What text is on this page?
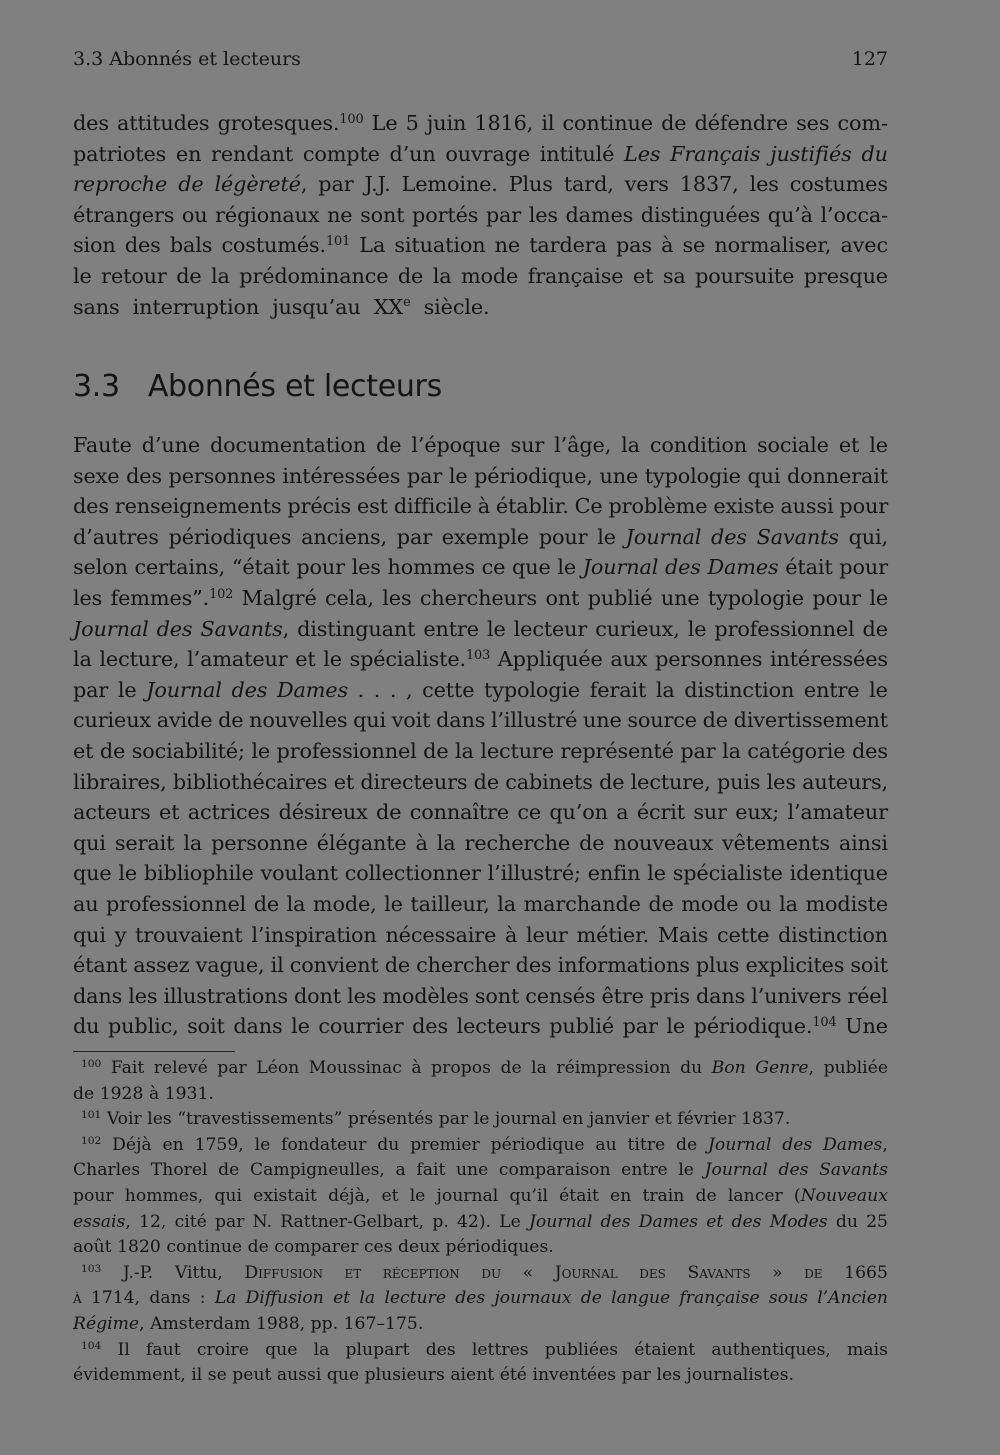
3.3 Abonnés et lecteurs	127
des attitudes grotesques.$^{100}$ Le 5 juin 1816, il continue de défendre ses com-
patriotes en rendant compte d’un ouvrage intitulé Les Français justifiés du
reproche de légèreté, par J.J. Lemoine. Plus tard, vers 1837, les costumes
étrangers ou régionaux ne sont portés par les dames distinguées qu’à l’occa-
sion des bals costumés.$^{101}$ La situation ne tardera pas à se normaliser, avec
le retour de la prédominance de la mode française et sa poursuite presque
sans interruption jusqu’au XXe siècle.
3.3 Abonnés et lecteurs
Faute d’une documentation de l’époque sur l’âge, la condition sociale et le
sexe des personnes intéressées par le périodique, une typologie qui donnerait
des renseignements précis est difficile à établir. Ce problème existe aussi pour
d’autres périodiques anciens, par exemple pour le Journal des Savants qui,
selon certains, “était pour les hommes ce que le Journal des Dames était pour
les femmes”.$^{102}$ Malgré cela, les chercheurs ont publié une typologie pour le
Journal des Savants, distinguant entre le lecteur curieux, le professionnel de
la lecture, l’amateur et le spécialiste.$^{103}$ Appliquée aux personnes intéressées
par le Journal des Dames . . . , cette typologie ferait la distinction entre le
curieux avide de nouvelles qui voit dans l’illustré une source de divertissement
et de sociabilité; le professionnel de la lecture représenté par la catégorie des
libraires, bibliothécaires et directeurs de cabinets de lecture, puis les auteurs,
acteurs et actrices désireux de connaître ce qu’on a écrit sur eux; l’amateur
qui serait la personne élégante à la recherche de nouveaux vêtements ainsi
que le bibliophile voulant collectionner l’illustré; enfin le spécialiste identique
au professionnel de la mode, le tailleur, la marchande de mode ou la modiste
qui y trouvaient l’inspiration nécessaire à leur métier. Mais cette distinction
étant assez vague, il convient de chercher des informations plus explicites soit
dans les illustrations dont les modèles sont censés être pris dans l’univers réel
du public, soit dans le courrier des lecteurs publié par le périodique.$^{104}$ Une
$^{100}$ Fait relevé par Léon Moussinac à propos de la réimpression du Bon Genre, publiée
de 1928 à 1931.
$^{101}$ Voir les “travestissements” présentés par le journal en janvier et février 1837.
$^{102}$ Déjà en 1759, le fondateur du premier périodique au titre de Journal des Dames,
Charles Thorel de Campigneulles, a fait une comparaison entre le Journal des Savants
pour hommes, qui existait déjà, et le journal qu’il était en train de lancer (Nouveaux
essais, 12, cité par N. Rattner-Gelbart, p. 42). Le Journal des Dames et des Modes du 25
août 1820 continue de comparer ces deux périodiques.
$^{103}$ J.-P. Vittu, Diffusion et réception du « Journal des Savants » de 1665
à 1714, dans : La Diffusion et la lecture des journaux de langue française sous l’Ancien
Régime, Amsterdam 1988, pp. 167–175.
$^{104}$ Il faut croire que la plupart des lettres publiées étaient authentiques, mais
évidemment, il se peut aussi que plusieurs aient été inventées par les journalistes.
